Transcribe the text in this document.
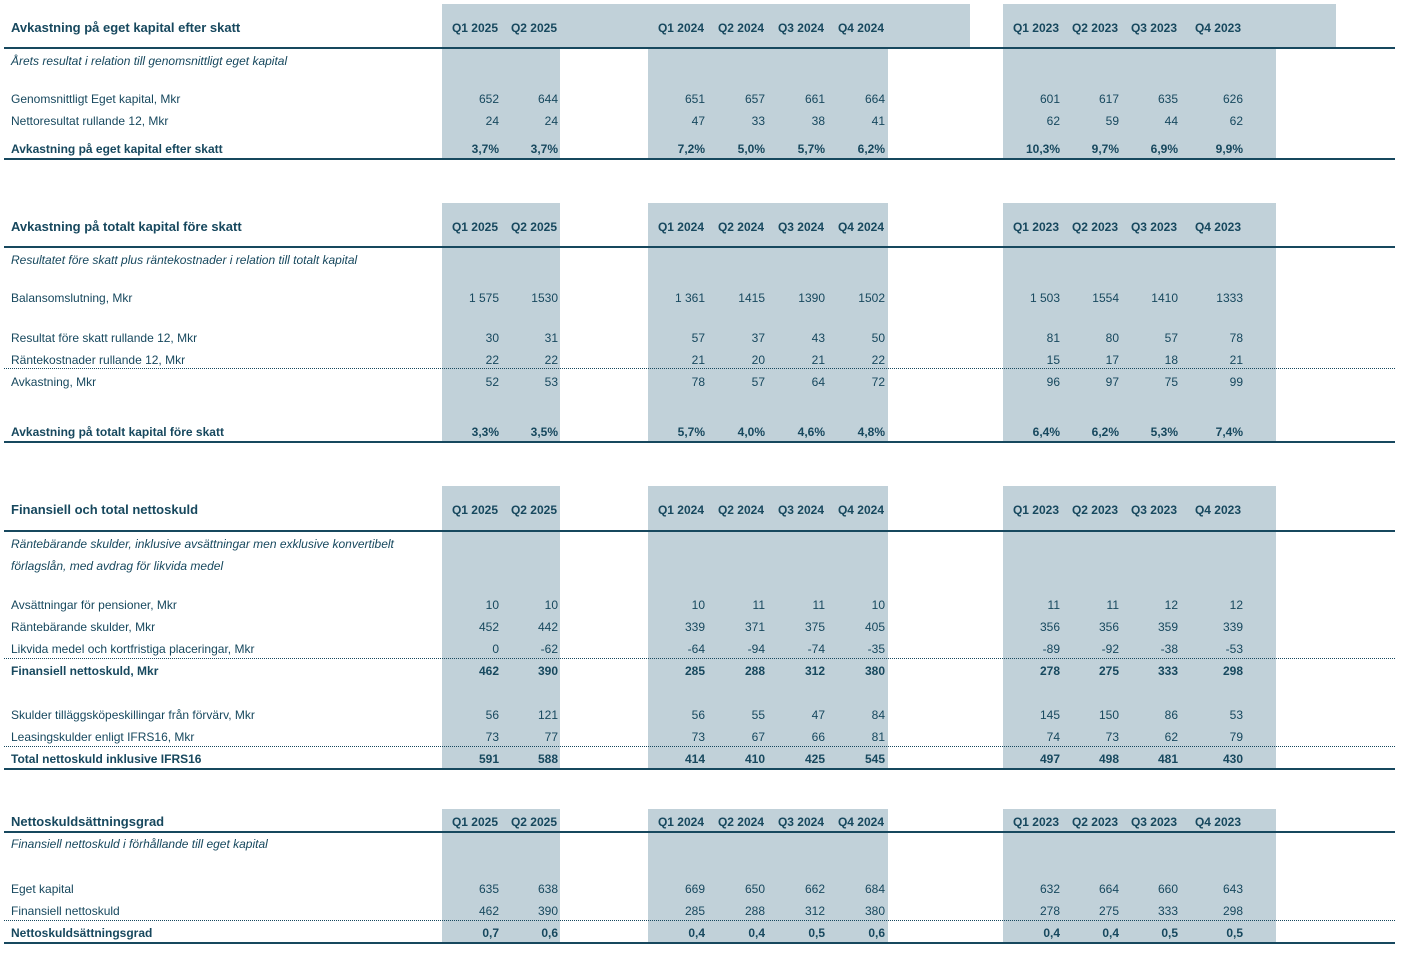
Avkastning på eget kapital efter skatt
Årets resultat i relation till genomsnittligt eget kapital
Q1 2025	Q2 2025	Q1 2024	Q2 2024	Q3 2024	Q4 2024	Q1 2023	Q2 2023	Q3 2023	Q4 2023
Genomsnittligt Eget kapital, Mkr	652	644	651	657	661	664	601	617	635	626
Nettoresultat rullande 12, Mkr	24	24	47	33	38	41	62	59	44	62
Avkastning på eget kapital efter skatt	3,7%	3,7%	7,2%	5,0%	5,7%	6,2%	10,3%	9,7%	6,9%	9,9%
Avkastning på totalt kapital före skatt
Resultatet före skatt plus räntekostnader i relation till totalt kapital
Q1 2025	Q2 2025	Q1 2024	Q2 2024	Q3 2024	Q4 2024	Q1 2023	Q2 2023	Q3 2023	Q4 2023
Balansomslutning, Mkr	1 575	1530	1 361	1415	1390	1502	1 503	1554	1410	1333
Resultat före skatt rullande 12, Mkr	30	31	57	37	43	50	81	80	57	78
Räntekostnader rullande 12, Mkr	22	22	21	20	21	22	15	17	18	21
Avkastning, Mkr	52	53	78	57	64	72	96	97	75	99
Avkastning på totalt kapital före skatt	3,3%	3,5%	5,7%	4,0%	4,6%	4,8%	6,4%	6,2%	5,3%	7,4%
Finansiell och total nettoskuld
Räntebärande skulder, inklusive avsättningar men exklusive konvertibelt
förlagslån, med avdrag för likvida medel
Q1 2025	Q2 2025	Q1 2024	Q2 2024	Q3 2024	Q4 2024	Q1 2023	Q2 2023	Q3 2023	Q4 2023
Avsättningar för pensioner, Mkr	10	10	10	11	11	10	11	11	12	12
Räntebärande skulder, Mkr	452	442	339	371	375	405	356	356	359	339
Likvida medel och kortfristiga placeringar, Mkr	0	-62	-64	-94	-74	-35	-89	-92	-38	-53
Finansiell nettoskuld, Mkr	462	390	285	288	312	380	278	275	333	298
Skulder tilläggsköpeskillingar från förvärv, Mkr	56	121	56	55	47	84	145	150	86	53
Leasingskulder enligt IFRS16, Mkr	73	77	73	67	66	81	74	73	62	79
Total nettoskuld inklusive IFRS16	591	588	414	410	425	545	497	498	481	430
Nettoskuldsättningsgrad
Finansiell nettoskuld i förhållande till eget kapital
Q1 2025	Q2 2025	Q1 2024	Q2 2024	Q3 2024	Q4 2024	Q1 2023	Q2 2023	Q3 2023	Q4 2023
Eget kapital	635	638	669	650	662	684	632	664	660	643
Finansiell nettoskuld	462	390	285	288	312	380	278	275	333	298
Nettoskuldsättningsgrad	0,7	0,6	0,4	0,4	0,5	0,6	0,4	0,4	0,5	0,5
